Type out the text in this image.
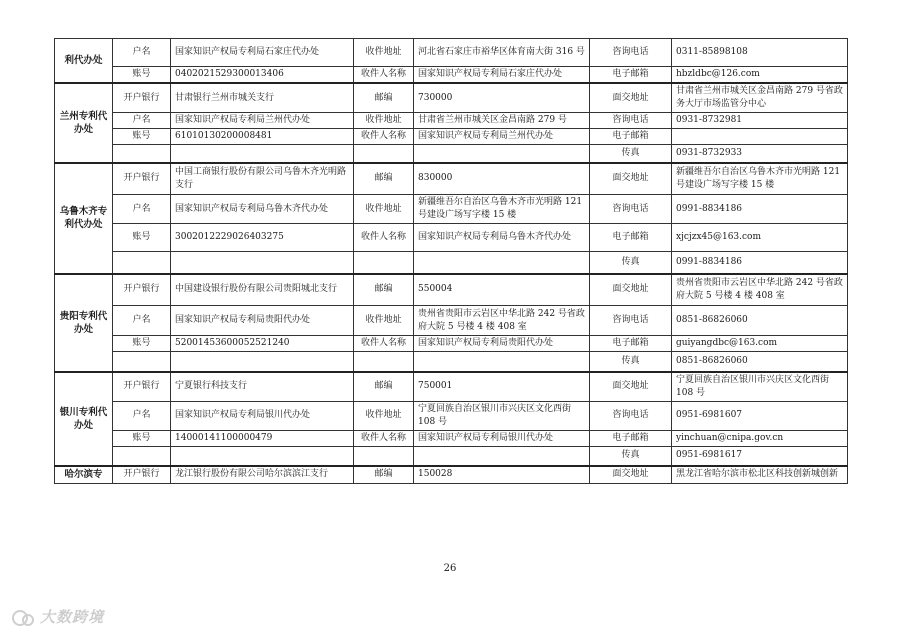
利代办处	户名	国家知识产权局专利局石家庄代办处	收件地址	河北省石家庄市裕华区体育南大街 316 号	咨询电话	0311-85898108
	账号	0402021529300013406	收件人名称	国家知识产权局专利局石家庄代办处	电子邮箱	hbzldbc@126.com
兰州专利代办处	开户银行	甘肃银行兰州市城关支行	邮编	730000	面交地址	甘肃省兰州市城关区金昌南路 279 号省政务大厅市场监管分中心
	户名	国家知识产权局专利局兰州代办处	收件地址	甘肃省兰州市城关区金昌南路 279 号	咨询电话	0931-8732981
	账号	61010130200008481	收件人名称	国家知识产权局专利局兰州代办处	电子邮箱	
					传真	0931-8732933
乌鲁木齐专利代办处	开户银行	中国工商银行股份有限公司乌鲁木齐光明路支行	邮编	830000	面交地址	新疆维吾尔自治区乌鲁木齐市光明路 121 号建设广场写字楼 15 楼
	户名	国家知识产权局专利局乌鲁木齐代办处	收件地址	新疆维吾尔自治区乌鲁木齐市光明路 121 号建设广场写字楼 15 楼	咨询电话	0991-8834186
	账号	3002012229026403275	收件人名称	国家知识产权局专利局乌鲁木齐代办处	电子邮箱	xjcjzx45@163.com
					传真	0991-8834186
贵阳专利代办处	开户银行	中国建设银行股份有限公司贵阳城北支行	邮编	550004	面交地址	贵州省贵阳市云岩区中华北路 242 号省政府大院 5 号楼 4 楼 408 室
	户名	国家知识产权局专利局贵阳代办处	收件地址	贵州省贵阳市云岩区中华北路 242 号省政府大院 5 号楼 4 楼 408 室	咨询电话	0851-86826060
	账号	52001453600052521240	收件人名称	国家知识产权局专利局贵阳代办处	电子邮箱	guiyangdbc@163.com
					传真	0851-86826060
银川专利代办处	开户银行	宁夏银行科技支行	邮编	750001	面交地址	宁夏回族自治区银川市兴庆区文化西街 108 号
	户名	国家知识产权局专利局银川代办处	收件地址	宁夏回族自治区银川市兴庆区文化西街 108 号	咨询电话	0951-6981607
	账号	14000141100000479	收件人名称	国家知识产权局专利局银川代办处	电子邮箱	yinchuan@cnipa.gov.cn
					传真	0951-6981617
哈尔滨专	开户银行	龙江银行股份有限公司哈尔滨滨江支行	邮编	150028	面交地址	黑龙江省哈尔滨市松北区科技创新城创新
26
大数跨境
